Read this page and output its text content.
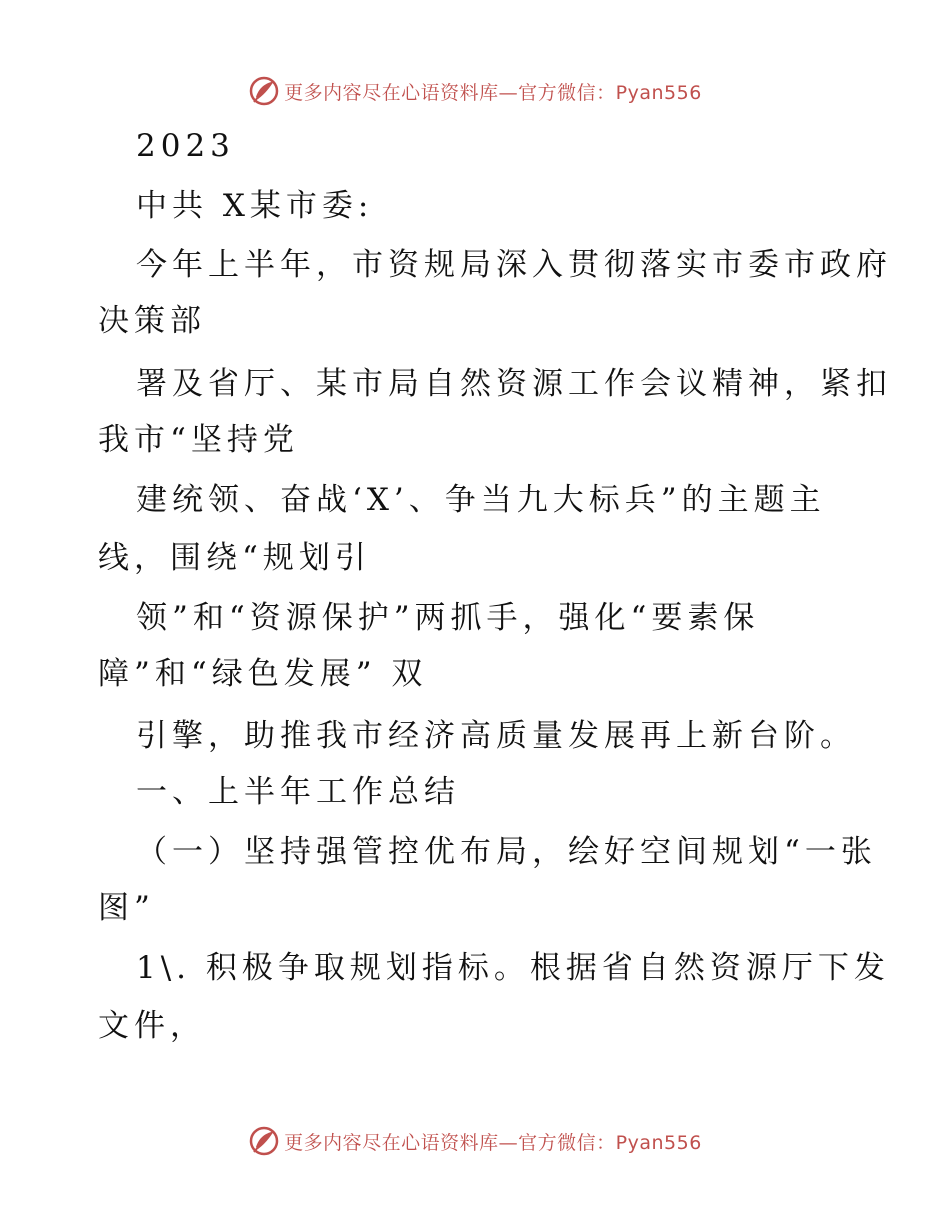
更多内容尽在心语资料库—官方微信：Pyan556
2023
中共 X某市委:
今年上半年，市资规局深入贯彻落实市委市政府
决策部
署及省厅、某市局自然资源工作会议精神，紧扣
我市“坚持党
建统领、奋战‘X’、争当九大标兵”的主题主
线，围绕“规划引
领”和“资源保护”两抓手，强化“要素保
障”和“绿色发展” 双
引擎，助推我市经济高质量发展再上新台阶。
一、上半年工作总结
（一）坚持强管控优布局，绘好空间规划“一张
图”
1\. 积极争取规划指标。根据省自然资源厅下发
文件，
更多内容尽在心语资料库—官方微信：Pyan556
